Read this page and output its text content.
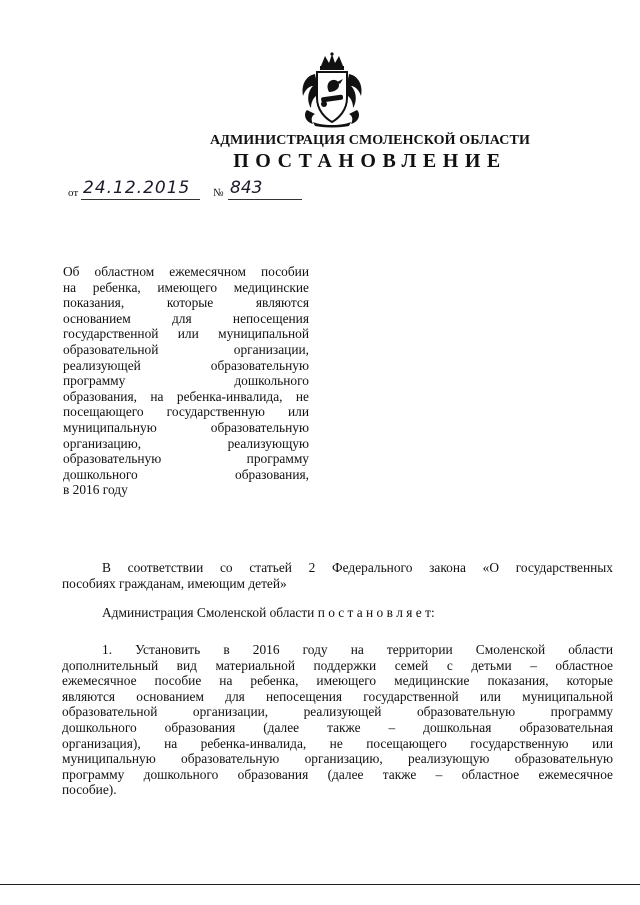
АДМИНИСТРАЦИЯ СМОЛЕНСКОЙ ОБЛАСТИ
ПОСТАНОВЛЕНИЕ
от 24.12.2015	№ 843
Об областном ежемесячном пособии
на ребенка, имеющего медицинские
показания, которые являются
основанием для непосещения
государственной или муниципальной
образовательной организации,
реализующей образовательную
программу дошкольного
образования, на ребенка-инвалида, не
посещающего государственную или
муниципальную образовательную
организацию, реализующую
образовательную программу
дошкольного образования,
в 2016 году
В соответствии со статьей 2 Федерального закона «О государственных
пособиях гражданам, имеющим детей»
Администрация Смоленской области п о с т а н о в л я е т:
1. Установить в 2016 году на территории Смоленской области
дополнительный вид материальной поддержки семей с детьми – областное
ежемесячное пособие на ребенка, имеющего медицинские показания, которые
являются основанием для непосещения государственной или муниципальной
образовательной организации, реализующей образовательную программу
дошкольного образования (далее также – дошкольная образовательная
организация), на ребенка-инвалида, не посещающего государственную или
муниципальную образовательную организацию, реализующую образовательную
программу дошкольного образования (далее также – областное ежемесячное
пособие).
